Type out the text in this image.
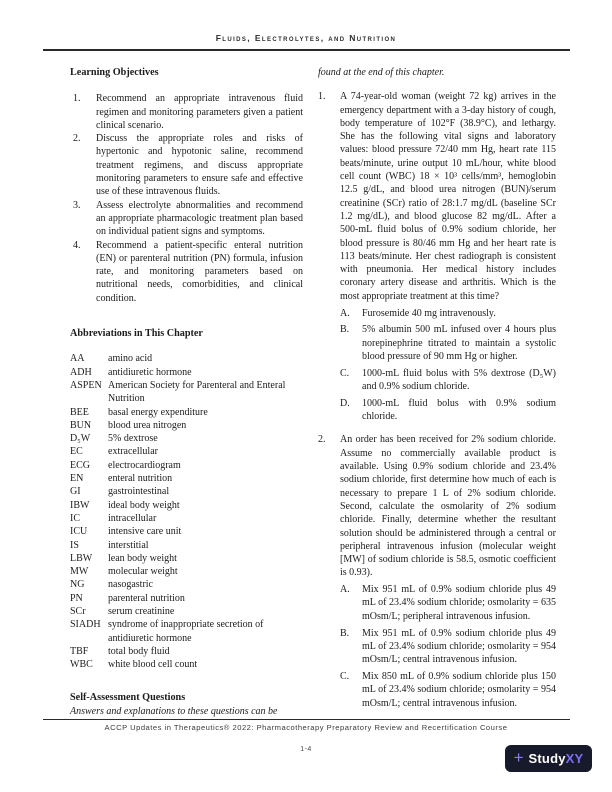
Fluids, Electrolytes, and Nutrition
Learning Objectives
1. Recommend an appropriate intravenous fluid regimen and monitoring parameters given a patient clinical scenario.
2. Discuss the appropriate roles and risks of hypertonic and hypotonic saline, recommend treatment regimens, and discuss appropriate monitoring parameters to ensure safe and effective use of these intravenous fluids.
3. Assess electrolyte abnormalities and recommend an appropriate pharmacologic treatment plan based on individual patient signs and symptoms.
4. Recommend a patient-specific enteral nutrition (EN) or parenteral nutrition (PN) formula, infusion rate, and monitoring parameters based on nutritional needs, comorbidities, and clinical condition.
Abbreviations in This Chapter
AA	amino acid
ADH	antidiuretic hormone
ASPEN American Society for Parenteral and Enteral Nutrition
BEE	basal energy expenditure
BUN	blood urea nitrogen
D₅W	5% dextrose
EC	extracellular
ECG	electrocardiogram
EN	enteral nutrition
GI	gastrointestinal
IBW	ideal body weight
IC	intracellular
ICU	intensive care unit
IS	interstitial
LBW	lean body weight
MW	molecular weight
NG	nasogastric
PN	parenteral nutrition
SCr	serum creatinine
SIADH syndrome of inappropriate secretion of antidiuretic hormone
TBF	total body fluid
WBC	white blood cell count
Self-Assessment Questions
Answers and explanations to these questions can be
found at the end of this chapter.
1. A 74-year-old woman (weight 72 kg) arrives in the emergency department with a 3-day history of cough, body temperature of 102°F (38.9°C), and lethargy. She has the following vital signs and laboratory values: blood pressure 72/40 mm Hg, heart rate 115 beats/minute, urine output 10 mL/hour, white blood cell count (WBC) 18 × 10³ cells/mm³, hemoglobin 12.5 g/dL, and blood urea nitrogen (BUN)/serum creatinine (SCr) ratio of 28:1.7 mg/dL (baseline SCr 1.2 mg/dL), and blood glucose 82 mg/dL. After a 500-mL fluid bolus of 0.9% sodium chloride, her blood pressure is 80/46 mm Hg and her heart rate is 113 beats/minute. Her chest radiograph is consistent with pneumonia. Her medical history includes coronary artery disease and arthritis. Which is the most appropriate treatment at this time?
A. Furosemide 40 mg intravenously.
B. 5% albumin 500 mL infused over 4 hours plus norepinephrine titrated to maintain a systolic blood pressure of 90 mm Hg or higher.
C. 1000-mL fluid bolus with 5% dextrose (D₅W) and 0.9% sodium chloride.
D. 1000-mL fluid bolus with 0.9% sodium chloride.
2. An order has been received for 2% sodium chloride. Assume no commercially available product is available. Using 0.9% sodium chloride and 23.4% sodium chloride, first determine how much of each is necessary to prepare 1 L of 2% sodium chloride. Second, calculate the osmolarity of 2% sodium chloride. Finally, determine whether the resultant solution should be administered through a central or peripheral intravenous infusion (molecular weight [MW] of sodium chloride is 58.5, osmotic coefficient is 0.93).
A. Mix 951 mL of 0.9% sodium chloride plus 49 mL of 23.4% sodium chloride; osmolarity = 635 mOsm/L; peripheral intravenous infusion.
B. Mix 951 mL of 0.9% sodium chloride plus 49 mL of 23.4% sodium chloride; osmolarity = 954 mOsm/L; central intravenous infusion.
C. Mix 850 mL of 0.9% sodium chloride plus 150 mL of 23.4% sodium chloride; osmolarity = 954 mOsm/L; central intravenous infusion.
ACCP Updates in Therapeutics® 2022: Pharmacotherapy Preparatory Review and Recertification Course
1-4	+ Study XY
